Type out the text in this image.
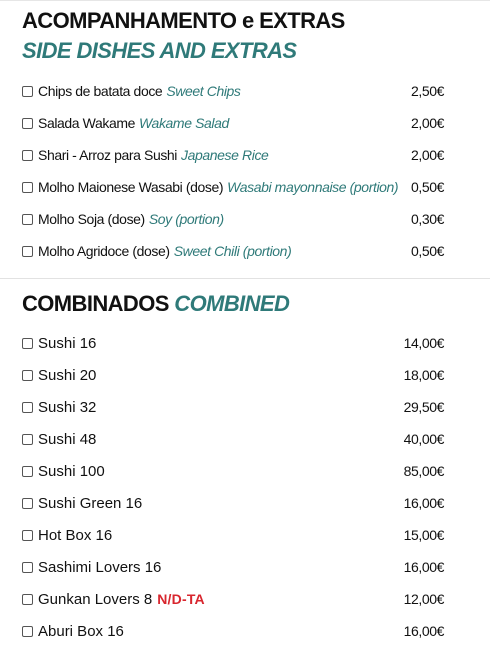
ACOMPANHAMENTO e EXTRAS
SIDE DISHES AND EXTRAS
Chips de batata doce Sweet Chips	2,50€
Salada Wakame Wakame Salad	2,00€
Shari - Arroz para Sushi Japanese Rice	2,00€
Molho Maionese Wasabi (dose) Wasabi mayonnaise (portion) 0,50€
Molho Soja (dose) Soy (portion)	0,30€
Molho Agridoce (dose) Sweet Chili (portion)	0,50€
COMBINADOS COMBINED
Sushi 16	14,00€
Sushi 20	18,00€
Sushi 32	29,50€
Sushi 48	40,00€
Sushi 100	85,00€
Sushi Green 16	16,00€
Hot Box 16	15,00€
Sashimi Lovers 16	16,00€
Gunkan Lovers 8 N/D-TA	12,00€
Aburi Box 16	16,00€
